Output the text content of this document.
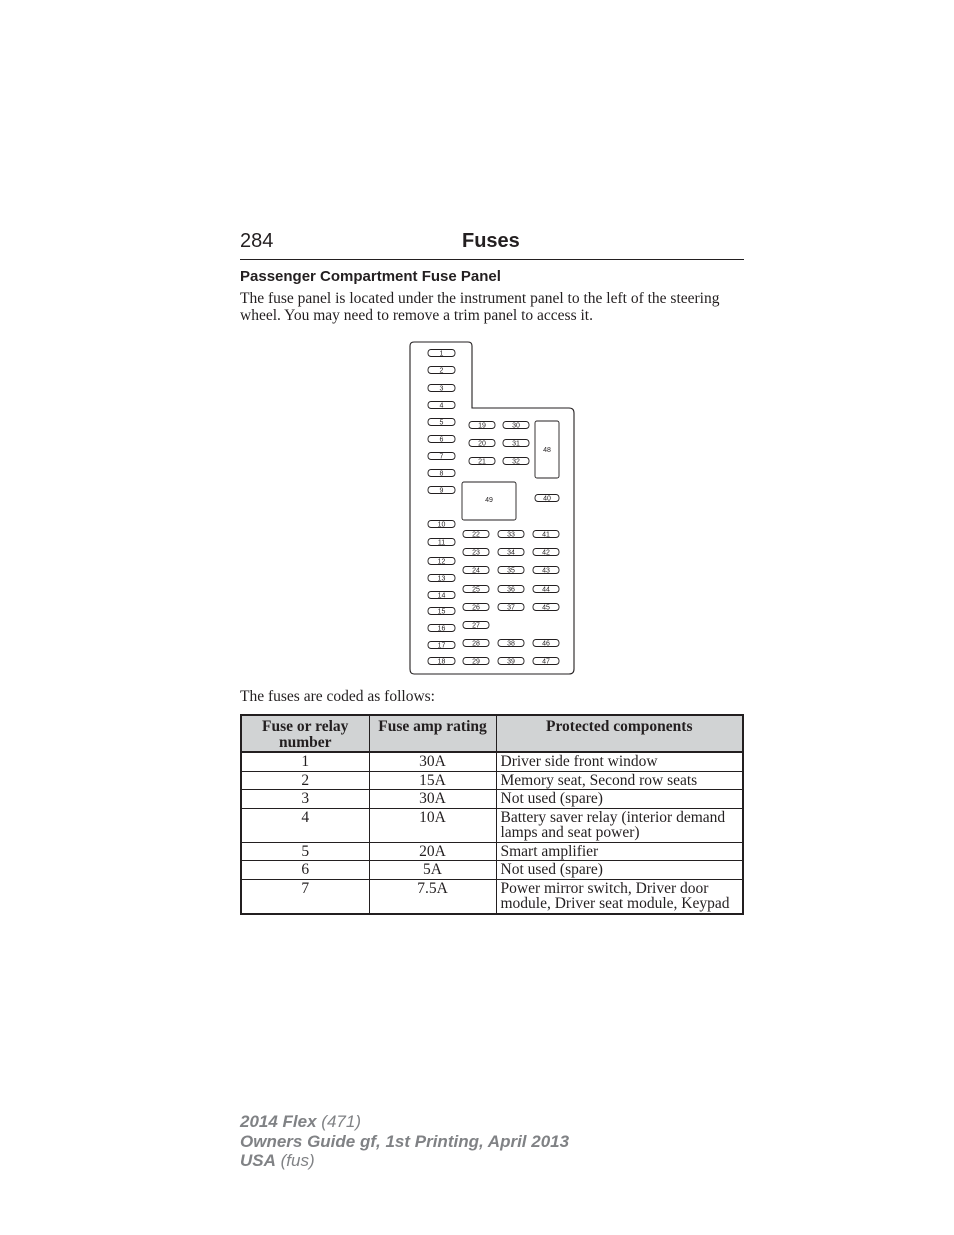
284	Fuses
Passenger Compartment Fuse Panel

The fuse panel is located under the instrument panel to the left of the steering wheel. You may need to remove a trim panel to access it.

1
2
3
4
5
6
7
8
9
10
11
12
13
14
15
16
17
18
19
20
21
30
31
32
48
49	40
22
23
24
25
26
27
28
29
33
34
35
36
37
38
39
41
42
43
44
45
46
47

The fuses are coded as follows:

Fuse or relay number	Fuse amp rating	Protected components
1	30A	Driver side front window
2	15A	Memory seat, Second row seats
3	30A	Not used (spare)
4	10A	Battery saver relay (interior demand lamps and seat power)
5	20A	Smart amplifier
6	5A	Not used (spare)
7	7.5A	Power mirror switch, Driver door module, Driver seat module, Keypad
2014 Flex (471)
Owners Guide gf, 1st Printing, April 2013
USA (fus)
